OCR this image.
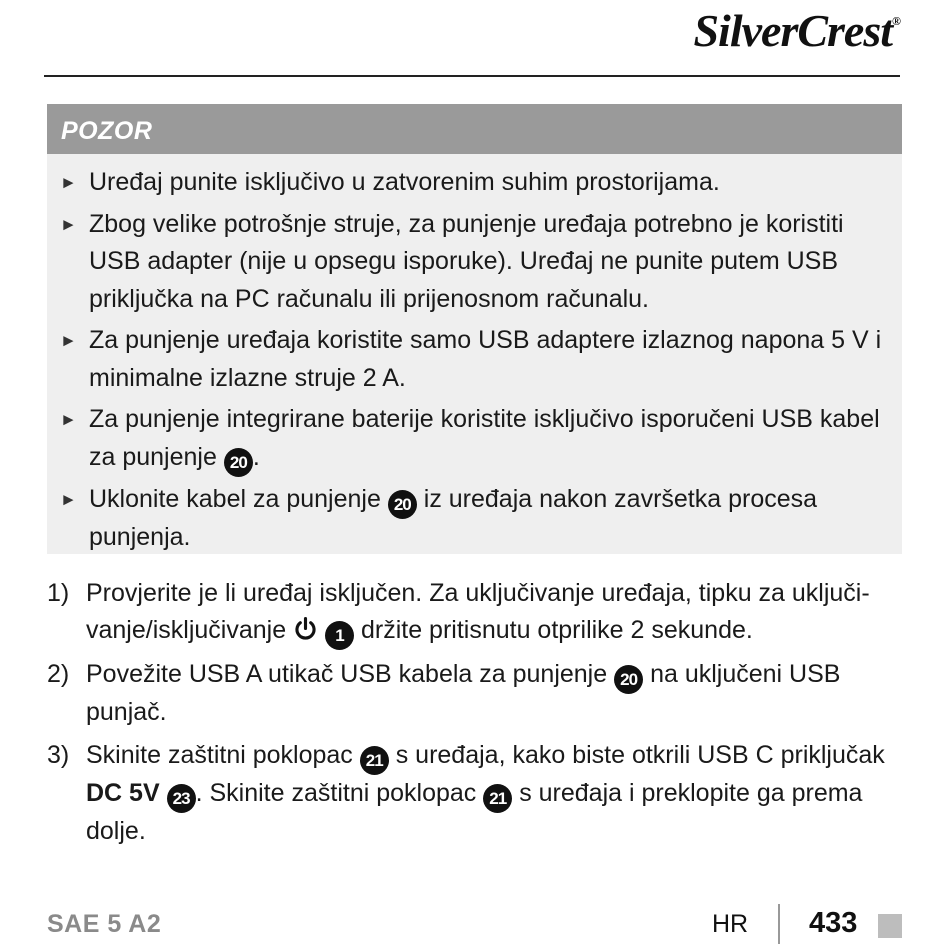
SilverCrest®
POZOR
► Uređaj punite isključivo u zatvorenim suhim prostorijama.
► Zbog velike potrošnje struje, za punjenje uređaja potrebno je koristiti USB adapter (nije u opsegu isporuke). Uređaj ne punite putem USB priključka na PC računalu ili prijenosnom računalu.
► Za punjenje uređaja koristite samo USB adaptere izlaznog napona 5 V i minimalne izlazne struje 2 A.
► Za punjenje integrirane baterije koristite isključivo isporučeni USB kabel za punjenje 20 .
► Uklonite kabel za punjenje 20 iz uređaja nakon završetka procesa punjenja.
1) Provjerite je li uređaj isključen. Za uključivanje uređaja, tipku za uključivanje/isključivanje	1 držite pritisnutu otprilike 2 sekunde.
2) Povežite USB A utikač USB kabela za punjenje 20 na uključeni USB punjač.
3) Skinite zaštitni poklopac 21 s uređaja, kako biste otkrili USB C priključak DC 5V 23 . Skinite zaštitni poklopac 21 s uređaja i preklopite ga prema dolje.
SAE 5 A2	HR 433
